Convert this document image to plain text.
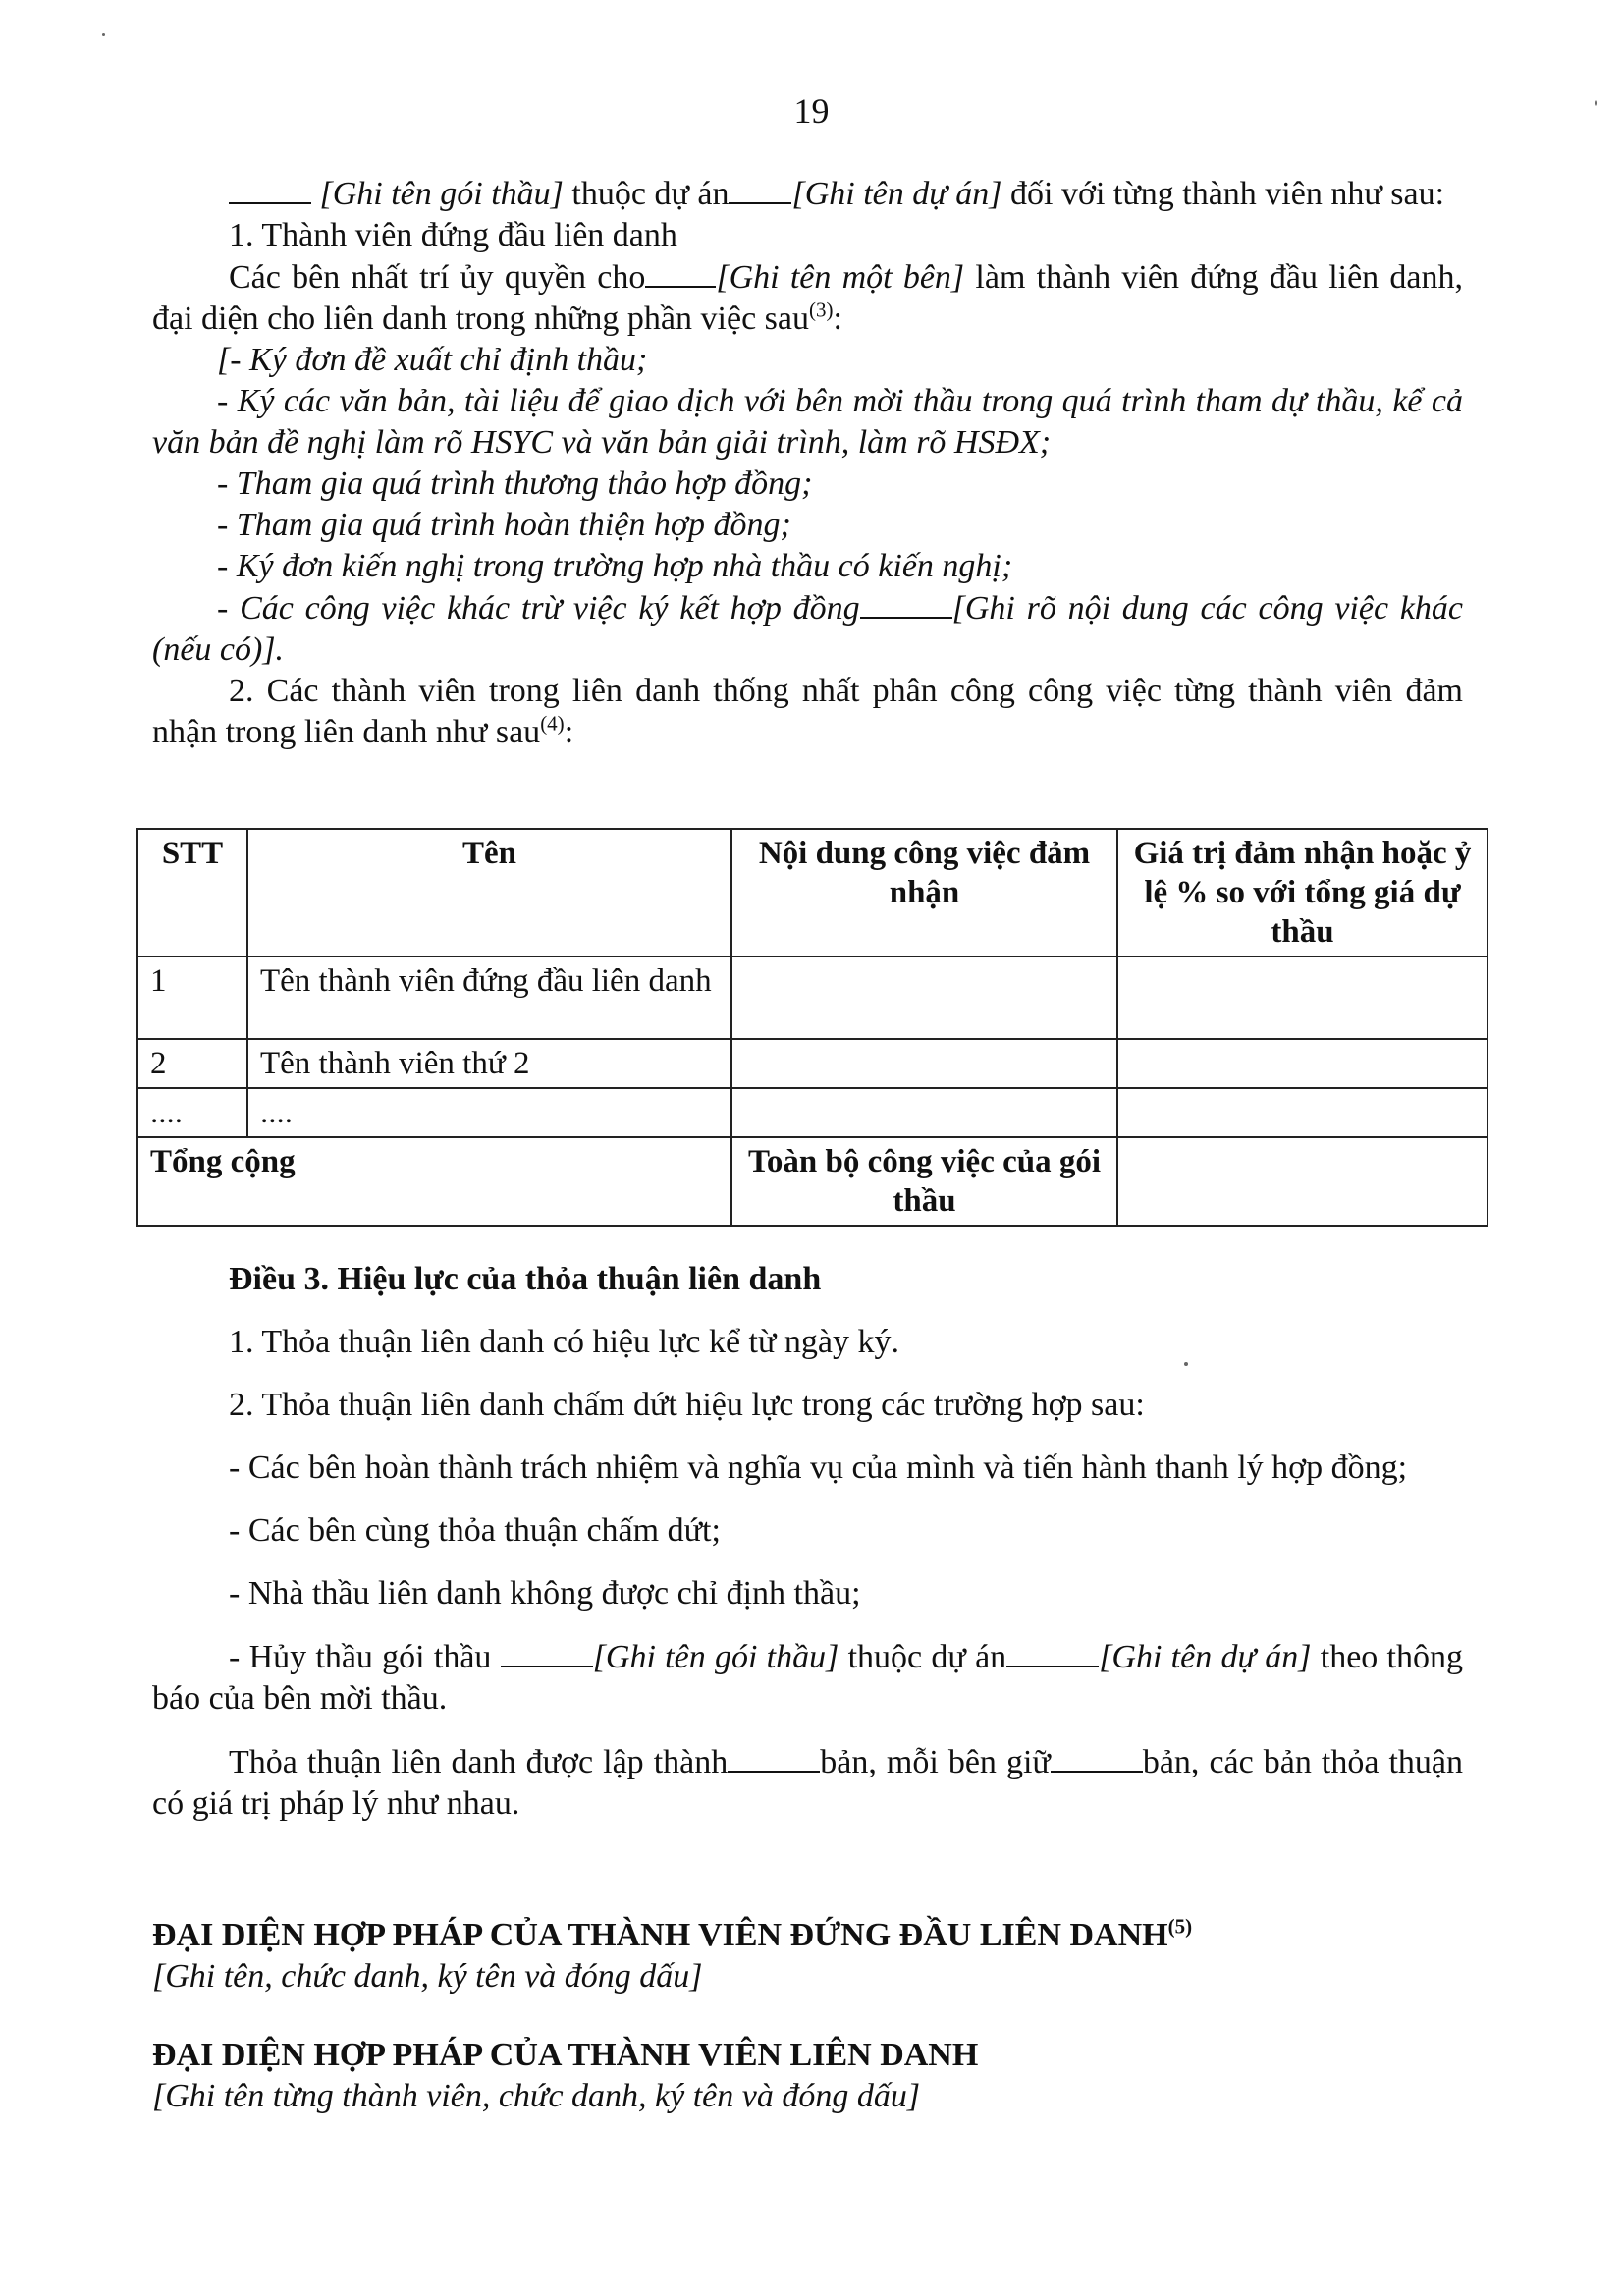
19

[Ghi tên gói thầu] thuộc dự án [Ghi tên dự án] đối với từng thành viên như sau:

1. Thành viên đứng đầu liên danh

Các bên nhất trí ủy quyền cho [Ghi tên một bên] làm thành viên đứng đầu liên danh, đại diện cho liên danh trong những phần việc sau$^{(3)}$:

[- Ký đơn đề xuất chỉ định thầu;

- Ký các văn bản, tài liệu để giao dịch với bên mời thầu trong quá trình tham dự thầu, kể cả văn bản đề nghị làm rõ HSYC và văn bản giải trình, làm rõ HSĐX;

- Tham gia quá trình thương thảo hợp đồng;

- Tham gia quá trình hoàn thiện hợp đồng;

- Ký đơn kiến nghị trong trường hợp nhà thầu có kiến nghị;

- Các công việc khác trừ việc ký kết hợp đồng	[Ghi rõ nội dung các công việc khác (nếu có)].

2. Các thành viên trong liên danh thống nhất phân công công việc từng thành viên đảm nhận trong liên danh như sau$^{(4)}$:

STT	Tên	Nội dung công việc đảm nhận	Giá trị đảm nhận hoặc ỷ lệ % so với tổng giá dự thầu
1	Tên thành viên đứng đầu liên danh		
2	Tên thành viên thứ 2		
....	....		
Tổng cộng		Toàn bộ công việc của gói thầu	

Điều 3. Hiệu lực của thỏa thuận liên danh

1. Thỏa thuận liên danh có hiệu lực kể từ ngày ký.

2. Thỏa thuận liên danh chấm dứt hiệu lực trong các trường hợp sau:

- Các bên hoàn thành trách nhiệm và nghĩa vụ của mình và tiến hành thanh lý hợp đồng;

- Các bên cùng thỏa thuận chấm dứt;

- Nhà thầu liên danh không được chỉ định thầu;

- Hủy thầu gói thầu	[Ghi tên gói thầu] thuộc dự án	[Ghi tên dự án] theo thông báo của bên mời thầu.

Thỏa thuận liên danh được lập thành	bản, mỗi bên giữ	bản, các bản thỏa thuận có giá trị pháp lý như nhau.

ĐẠI DIỆN HỢP PHÁP CỦA THÀNH VIÊN ĐỨNG ĐẦU LIÊN DANH$^{(5)}$
[Ghi tên, chức danh, ký tên và đóng dấu]
ĐẠI DIỆN HỢP PHÁP CỦA THÀNH VIÊN LIÊN DANH
[Ghi tên từng thành viên, chức danh, ký tên và đóng dấu]
